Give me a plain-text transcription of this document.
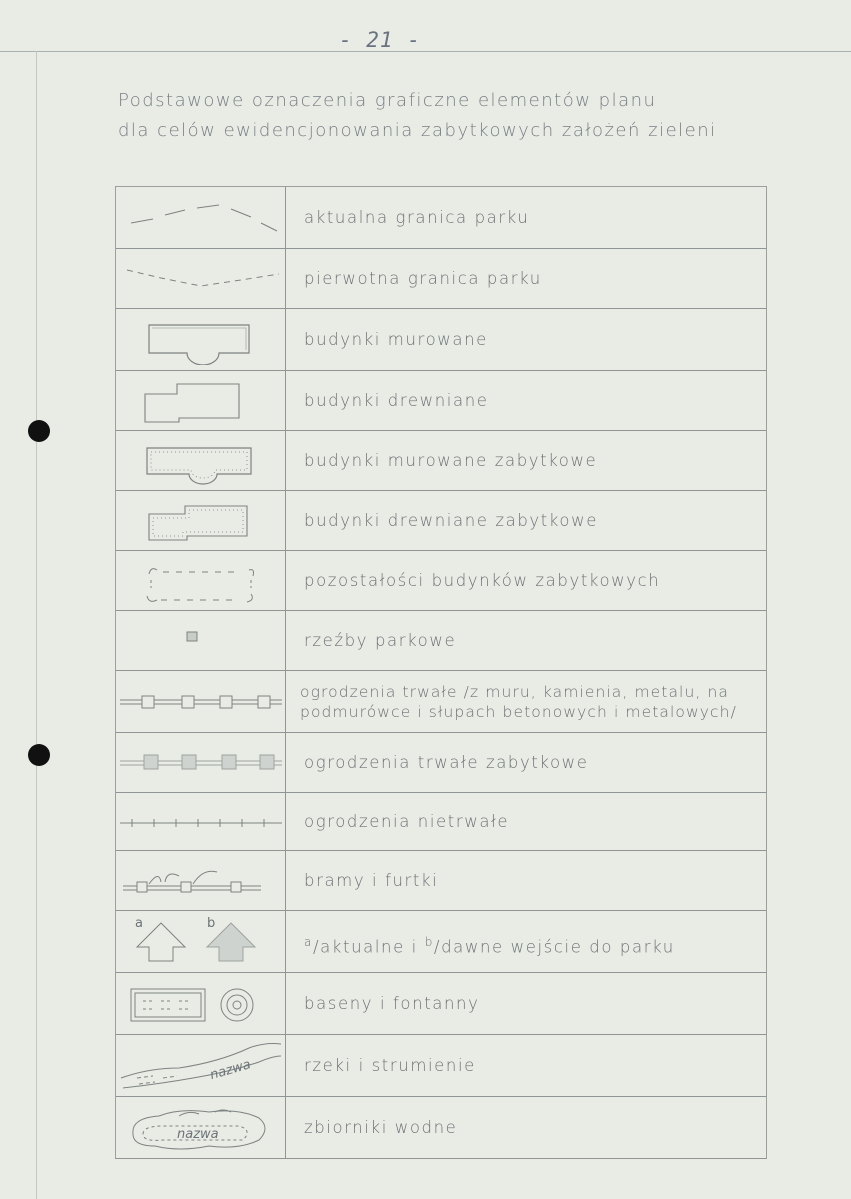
- 21 -
Podstawowe oznaczenia graficzne elementów planu
dla celów ewidencjonowania zabytkowych założeń zieleni
aktualna granica parku
pierwotna granica parku
budynki murowane
budynki drewniane
budynki murowane zabytkowe
budynki drewniane zabytkowe
pozostałości budynków zabytkowych
rzeźby parkowe
ogrodzenia trwałe /z muru, kamienia, metalu, na
podmurówce i słupach betonowych i metalowych/
ogrodzenia trwałe zabytkowe
ogrodzenia nietrwałe
bramy i furtki
a	b
$^a$/aktualne i $^b$/dawne wejście do parku
baseny i fontanny
nazwa	rzeki i strumienie
nazwa	zbiorniki wodne
